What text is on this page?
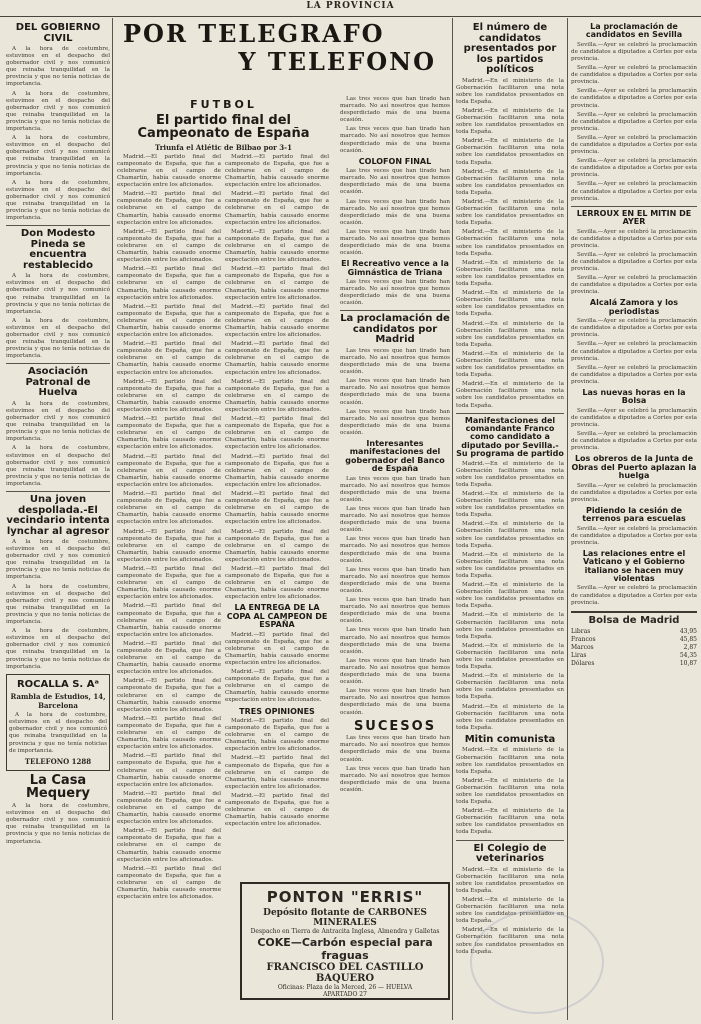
LA PROVINCIA
DEL GOBIERNO CIVIL

A la hora de costumbre, estuvimos en el despacho del gobernador civil y nos comunicó que reinaba tranquilidad en la provincia y que no tenía noticias de importancia.

A la hora de costumbre, estuvimos en el despacho del gobernador civil y nos comunicó que reinaba tranquilidad en la provincia y que no tenía noticias de importancia.

A la hora de costumbre, estuvimos en el despacho del gobernador civil y nos comunicó que reinaba tranquilidad en la provincia y que no tenía noticias de importancia.

A la hora de costumbre, estuvimos en el despacho del gobernador civil y nos comunicó que reinaba tranquilidad en la provincia y que no tenía noticias de importancia.

Don Modesto Pineda se encuentra restablecido

A la hora de costumbre, estuvimos en el despacho del gobernador civil y nos comunicó que reinaba tranquilidad en la provincia y que no tenía noticias de importancia.

A la hora de costumbre, estuvimos en el despacho del gobernador civil y nos comunicó que reinaba tranquilidad en la provincia y que no tenía noticias de importancia.

Asociación Patronal de Huelva

A la hora de costumbre, estuvimos en el despacho del gobernador civil y nos comunicó que reinaba tranquilidad en la provincia y que no tenía noticias de importancia.

A la hora de costumbre, estuvimos en el despacho del gobernador civil y nos comunicó que reinaba tranquilidad en la provincia y que no tenía noticias de importancia.

Una joven despollada.-El vecindario intenta lynchar al agresor

A la hora de costumbre, estuvimos en el despacho del gobernador civil y nos comunicó que reinaba tranquilidad en la provincia y que no tenía noticias de importancia.

A la hora de costumbre, estuvimos en el despacho del gobernador civil y nos comunicó que reinaba tranquilidad en la provincia y que no tenía noticias de importancia.

A la hora de costumbre, estuvimos en el despacho del gobernador civil y nos comunicó que reinaba tranquilidad en la provincia y que no tenía noticias de importancia.

ROCALLA S. Aᵃ
Rambla de Estudios, 14, Barcelona

A la hora de costumbre, estuvimos en el despacho del gobernador civil y nos comunicó que reinaba tranquilidad en la provincia y que no tenía noticias de importancia.

TELEFONO 1288
La Casa Mequery

A la hora de costumbre, estuvimos en el despacho del gobernador civil y nos comunicó que reinaba tranquilidad en la provincia y que no tenía noticias de importancia.

POR TELEGRAFO
Y TELEFONO
FUTBOL
El partido final del Campeonato de España
Triunfa el Atlétic de Bilbao por 3-1

Madrid.—El partido final del campeonato de España, que fue a celebrarse en el campo de Chamartín, había causado enorme expectación entre los aficionados.

Madrid.—El partido final del campeonato de España, que fue a celebrarse en el campo de Chamartín, había causado enorme expectación entre los aficionados.

Madrid.—El partido final del campeonato de España, que fue a celebrarse en el campo de Chamartín, había causado enorme expectación entre los aficionados.

Madrid.—El partido final del campeonato de España, que fue a celebrarse en el campo de Chamartín, había causado enorme expectación entre los aficionados.

Madrid.—El partido final del campeonato de España, que fue a celebrarse en el campo de Chamartín, había causado enorme expectación entre los aficionados.

Madrid.—El partido final del campeonato de España, que fue a celebrarse en el campo de Chamartín, había causado enorme expectación entre los aficionados.

Madrid.—El partido final del campeonato de España, que fue a celebrarse en el campo de Chamartín, había causado enorme expectación entre los aficionados.

Madrid.—El partido final del campeonato de España, que fue a celebrarse en el campo de Chamartín, había causado enorme expectación entre los aficionados.

Madrid.—El partido final del campeonato de España, que fue a celebrarse en el campo de Chamartín, había causado enorme expectación entre los aficionados.

Madrid.—El partido final del campeonato de España, que fue a celebrarse en el campo de Chamartín, había causado enorme expectación entre los aficionados.

Madrid.—El partido final del campeonato de España, que fue a celebrarse en el campo de Chamartín, había causado enorme expectación entre los aficionados.

Madrid.—El partido final del campeonato de España, que fue a celebrarse en el campo de Chamartín, había causado enorme expectación entre los aficionados.

Madrid.—El partido final del campeonato de España, que fue a celebrarse en el campo de Chamartín, había causado enorme expectación entre los aficionados.

Madrid.—El partido final del campeonato de España, que fue a celebrarse en el campo de Chamartín, había causado enorme expectación entre los aficionados.

Madrid.—El partido final del campeonato de España, que fue a celebrarse en el campo de Chamartín, había causado enorme expectación entre los aficionados.

Madrid.—El partido final del campeonato de España, que fue a celebrarse en el campo de Chamartín, había causado enorme expectación entre los aficionados.

Madrid.—El partido final del campeonato de España, que fue a celebrarse en el campo de Chamartín, había causado enorme expectación entre los aficionados.

Madrid.—El partido final del campeonato de España, que fue a celebrarse en el campo de Chamartín, había causado enorme expectación entre los aficionados.

Madrid.—El partido final del campeonato de España, que fue a celebrarse en el campo de Chamartín, había causado enorme expectación entre los aficionados.

Madrid.—El partido final del campeonato de España, que fue a celebrarse en el campo de Chamartín, había causado enorme expectación entre los aficionados.

Madrid.—El partido final del campeonato de España, que fue a celebrarse en el campo de Chamartín, había causado enorme expectación entre los aficionados.

Madrid.—El partido final del campeonato de España, que fue a celebrarse en el campo de Chamartín, había causado enorme expectación entre los aficionados.

Madrid.—El partido final del campeonato de España, que fue a celebrarse en el campo de Chamartín, había causado enorme expectación entre los aficionados.

Madrid.—El partido final del campeonato de España, que fue a celebrarse en el campo de Chamartín, había causado enorme expectación entre los aficionados.

Madrid.—El partido final del campeonato de España, que fue a celebrarse en el campo de Chamartín, había causado enorme expectación entre los aficionados.

Madrid.—El partido final del campeonato de España, que fue a celebrarse en el campo de Chamartín, había causado enorme expectación entre los aficionados.

Madrid.—El partido final del campeonato de España, que fue a celebrarse en el campo de Chamartín, había causado enorme expectación entre los aficionados.

Madrid.—El partido final del campeonato de España, que fue a celebrarse en el campo de Chamartín, había causado enorme expectación entre los aficionados.

Madrid.—El partido final del campeonato de España, que fue a celebrarse en el campo de Chamartín, había causado enorme expectación entre los aficionados.

Madrid.—El partido final del campeonato de España, que fue a celebrarse en el campo de Chamartín, había causado enorme expectación entre los aficionados.

Madrid.—El partido final del campeonato de España, que fue a celebrarse en el campo de Chamartín, había causado enorme expectación entre los aficionados.

Madrid.—El partido final del campeonato de España, que fue a celebrarse en el campo de Chamartín, había causado enorme expectación entre los aficionados.

LA ENTREGA DE LA COPA AL CAMPEON DE ESPAÑA

Madrid.—El partido final del campeonato de España, que fue a celebrarse en el campo de Chamartín, había causado enorme expectación entre los aficionados.

Madrid.—El partido final del campeonato de España, que fue a celebrarse en el campo de Chamartín, había causado enorme expectación entre los aficionados.

TRES OPINIONES

Madrid.—El partido final del campeonato de España, que fue a celebrarse en el campo de Chamartín, había causado enorme expectación entre los aficionados.

Madrid.—El partido final del campeonato de España, que fue a celebrarse en el campo de Chamartín, había causado enorme expectación entre los aficionados.

Madrid.—El partido final del campeonato de España, que fue a celebrarse en el campo de Chamartín, había causado enorme expectación entre los aficionados.

Las tres veces que han tirado han marcado. No así nosotros que hemos desperdiciado más de una buena ocasión.

Las tres veces que han tirado han marcado. No así nosotros que hemos desperdiciado más de una buena ocasión.

COLOFON FINAL

Las tres veces que han tirado han marcado. No así nosotros que hemos desperdiciado más de una buena ocasión.

Las tres veces que han tirado han marcado. No así nosotros que hemos desperdiciado más de una buena ocasión.

Las tres veces que han tirado han marcado. No así nosotros que hemos desperdiciado más de una buena ocasión.

El Recreativo vence a la Gimnástica de Triana

Las tres veces que han tirado han marcado. No así nosotros que hemos desperdiciado más de una buena ocasión.

La proclamación de candidatos por Madrid

Las tres veces que han tirado han marcado. No así nosotros que hemos desperdiciado más de una buena ocasión.

Las tres veces que han tirado han marcado. No así nosotros que hemos desperdiciado más de una buena ocasión.

Las tres veces que han tirado han marcado. No así nosotros que hemos desperdiciado más de una buena ocasión.

Interesantes manifestaciones del gobernador del Banco de España

Las tres veces que han tirado han marcado. No así nosotros que hemos desperdiciado más de una buena ocasión.

Las tres veces que han tirado han marcado. No así nosotros que hemos desperdiciado más de una buena ocasión.

Las tres veces que han tirado han marcado. No así nosotros que hemos desperdiciado más de una buena ocasión.

Las tres veces que han tirado han marcado. No así nosotros que hemos desperdiciado más de una buena ocasión.

Las tres veces que han tirado han marcado. No así nosotros que hemos desperdiciado más de una buena ocasión.

Las tres veces que han tirado han marcado. No así nosotros que hemos desperdiciado más de una buena ocasión.

Las tres veces que han tirado han marcado. No así nosotros que hemos desperdiciado más de una buena ocasión.

Las tres veces que han tirado han marcado. No así nosotros que hemos desperdiciado más de una buena ocasión.

SUCESOS

Las tres veces que han tirado han marcado. No así nosotros que hemos desperdiciado más de una buena ocasión.

Las tres veces que han tirado han marcado. No así nosotros que hemos desperdiciado más de una buena ocasión.

PONTON "ERRIS"
Depósito flotante de CARBONES MINERALES
Despacho en Tierra de Antracita Inglesa, Almendra y Galletas
COKE—Carbón especial para fraguas
FRANCISCO DEL CASTILLO BAQUERO
Oficinas: Plaza de la Merced, 26 — HUELVA
APARTADO 27
El número de candidatos presentados por los partidos políticos

Madrid.—En el ministerio de la Gobernación facilitaron una nota sobre los candidatos presentados en toda España.

Madrid.—En el ministerio de la Gobernación facilitaron una nota sobre los candidatos presentados en toda España.

Madrid.—En el ministerio de la Gobernación facilitaron una nota sobre los candidatos presentados en toda España.

Madrid.—En el ministerio de la Gobernación facilitaron una nota sobre los candidatos presentados en toda España.

Madrid.—En el ministerio de la Gobernación facilitaron una nota sobre los candidatos presentados en toda España.

Madrid.—En el ministerio de la Gobernación facilitaron una nota sobre los candidatos presentados en toda España.

Madrid.—En el ministerio de la Gobernación facilitaron una nota sobre los candidatos presentados en toda España.

Madrid.—En el ministerio de la Gobernación facilitaron una nota sobre los candidatos presentados en toda España.

Madrid.—En el ministerio de la Gobernación facilitaron una nota sobre los candidatos presentados en toda España.

Madrid.—En el ministerio de la Gobernación facilitaron una nota sobre los candidatos presentados en toda España.

Madrid.—En el ministerio de la Gobernación facilitaron una nota sobre los candidatos presentados en toda España.

Manifestaciones del comandante Franco como candidato a diputado por Sevilla.-Su programa de partido

Madrid.—En el ministerio de la Gobernación facilitaron una nota sobre los candidatos presentados en toda España.

Madrid.—En el ministerio de la Gobernación facilitaron una nota sobre los candidatos presentados en toda España.

Madrid.—En el ministerio de la Gobernación facilitaron una nota sobre los candidatos presentados en toda España.

Madrid.—En el ministerio de la Gobernación facilitaron una nota sobre los candidatos presentados en toda España.

Madrid.—En el ministerio de la Gobernación facilitaron una nota sobre los candidatos presentados en toda España.

Madrid.—En el ministerio de la Gobernación facilitaron una nota sobre los candidatos presentados en toda España.

Madrid.—En el ministerio de la Gobernación facilitaron una nota sobre los candidatos presentados en toda España.

Madrid.—En el ministerio de la Gobernación facilitaron una nota sobre los candidatos presentados en toda España.

Madrid.—En el ministerio de la Gobernación facilitaron una nota sobre los candidatos presentados en toda España.

Mitin comunista

Madrid.—En el ministerio de la Gobernación facilitaron una nota sobre los candidatos presentados en toda España.

Madrid.—En el ministerio de la Gobernación facilitaron una nota sobre los candidatos presentados en toda España.

Madrid.—En el ministerio de la Gobernación facilitaron una nota sobre los candidatos presentados en toda España.

El Colegio de veterinarios

Madrid.—En el ministerio de la Gobernación facilitaron una nota sobre los candidatos presentados en toda España.

Madrid.—En el ministerio de la Gobernación facilitaron una nota sobre los candidatos presentados en toda España.

Madrid.—En el ministerio de la Gobernación facilitaron una nota sobre los candidatos presentados en toda España.

La proclamación de candidatos en Sevilla

Sevilla.—Ayer se celebró la proclamación de candidatos a diputados a Cortes por esta provincia.

Sevilla.—Ayer se celebró la proclamación de candidatos a diputados a Cortes por esta provincia.

Sevilla.—Ayer se celebró la proclamación de candidatos a diputados a Cortes por esta provincia.

Sevilla.—Ayer se celebró la proclamación de candidatos a diputados a Cortes por esta provincia.

Sevilla.—Ayer se celebró la proclamación de candidatos a diputados a Cortes por esta provincia.

Sevilla.—Ayer se celebró la proclamación de candidatos a diputados a Cortes por esta provincia.

Sevilla.—Ayer se celebró la proclamación de candidatos a diputados a Cortes por esta provincia.

LERROUX EN EL MITIN DE AYER

Sevilla.—Ayer se celebró la proclamación de candidatos a diputados a Cortes por esta provincia.

Sevilla.—Ayer se celebró la proclamación de candidatos a diputados a Cortes por esta provincia.

Sevilla.—Ayer se celebró la proclamación de candidatos a diputados a Cortes por esta provincia.

Alcalá Zamora y los periodistas

Sevilla.—Ayer se celebró la proclamación de candidatos a diputados a Cortes por esta provincia.

Sevilla.—Ayer se celebró la proclamación de candidatos a diputados a Cortes por esta provincia.

Sevilla.—Ayer se celebró la proclamación de candidatos a diputados a Cortes por esta provincia.

Las nuevas horas en la Bolsa

Sevilla.—Ayer se celebró la proclamación de candidatos a diputados a Cortes por esta provincia.

Sevilla.—Ayer se celebró la proclamación de candidatos a diputados a Cortes por esta provincia.

Los obreros de la Junta de Obras del Puerto aplazan la huelga

Sevilla.—Ayer se celebró la proclamación de candidatos a diputados a Cortes por esta provincia.

Pidiendo la cesión de terrenos para escuelas

Sevilla.—Ayer se celebró la proclamación de candidatos a diputados a Cortes por esta provincia.

Las relaciones entre el Vaticano y el Gobierno italiano se hacen muy violentas

Sevilla.—Ayer se celebró la proclamación de candidatos a diputados a Cortes por esta provincia.

Bolsa de Madrid
Libras	43,95
Francos	45,85
Marcos	2,87
Liras	54,35
Dólares	10,87
